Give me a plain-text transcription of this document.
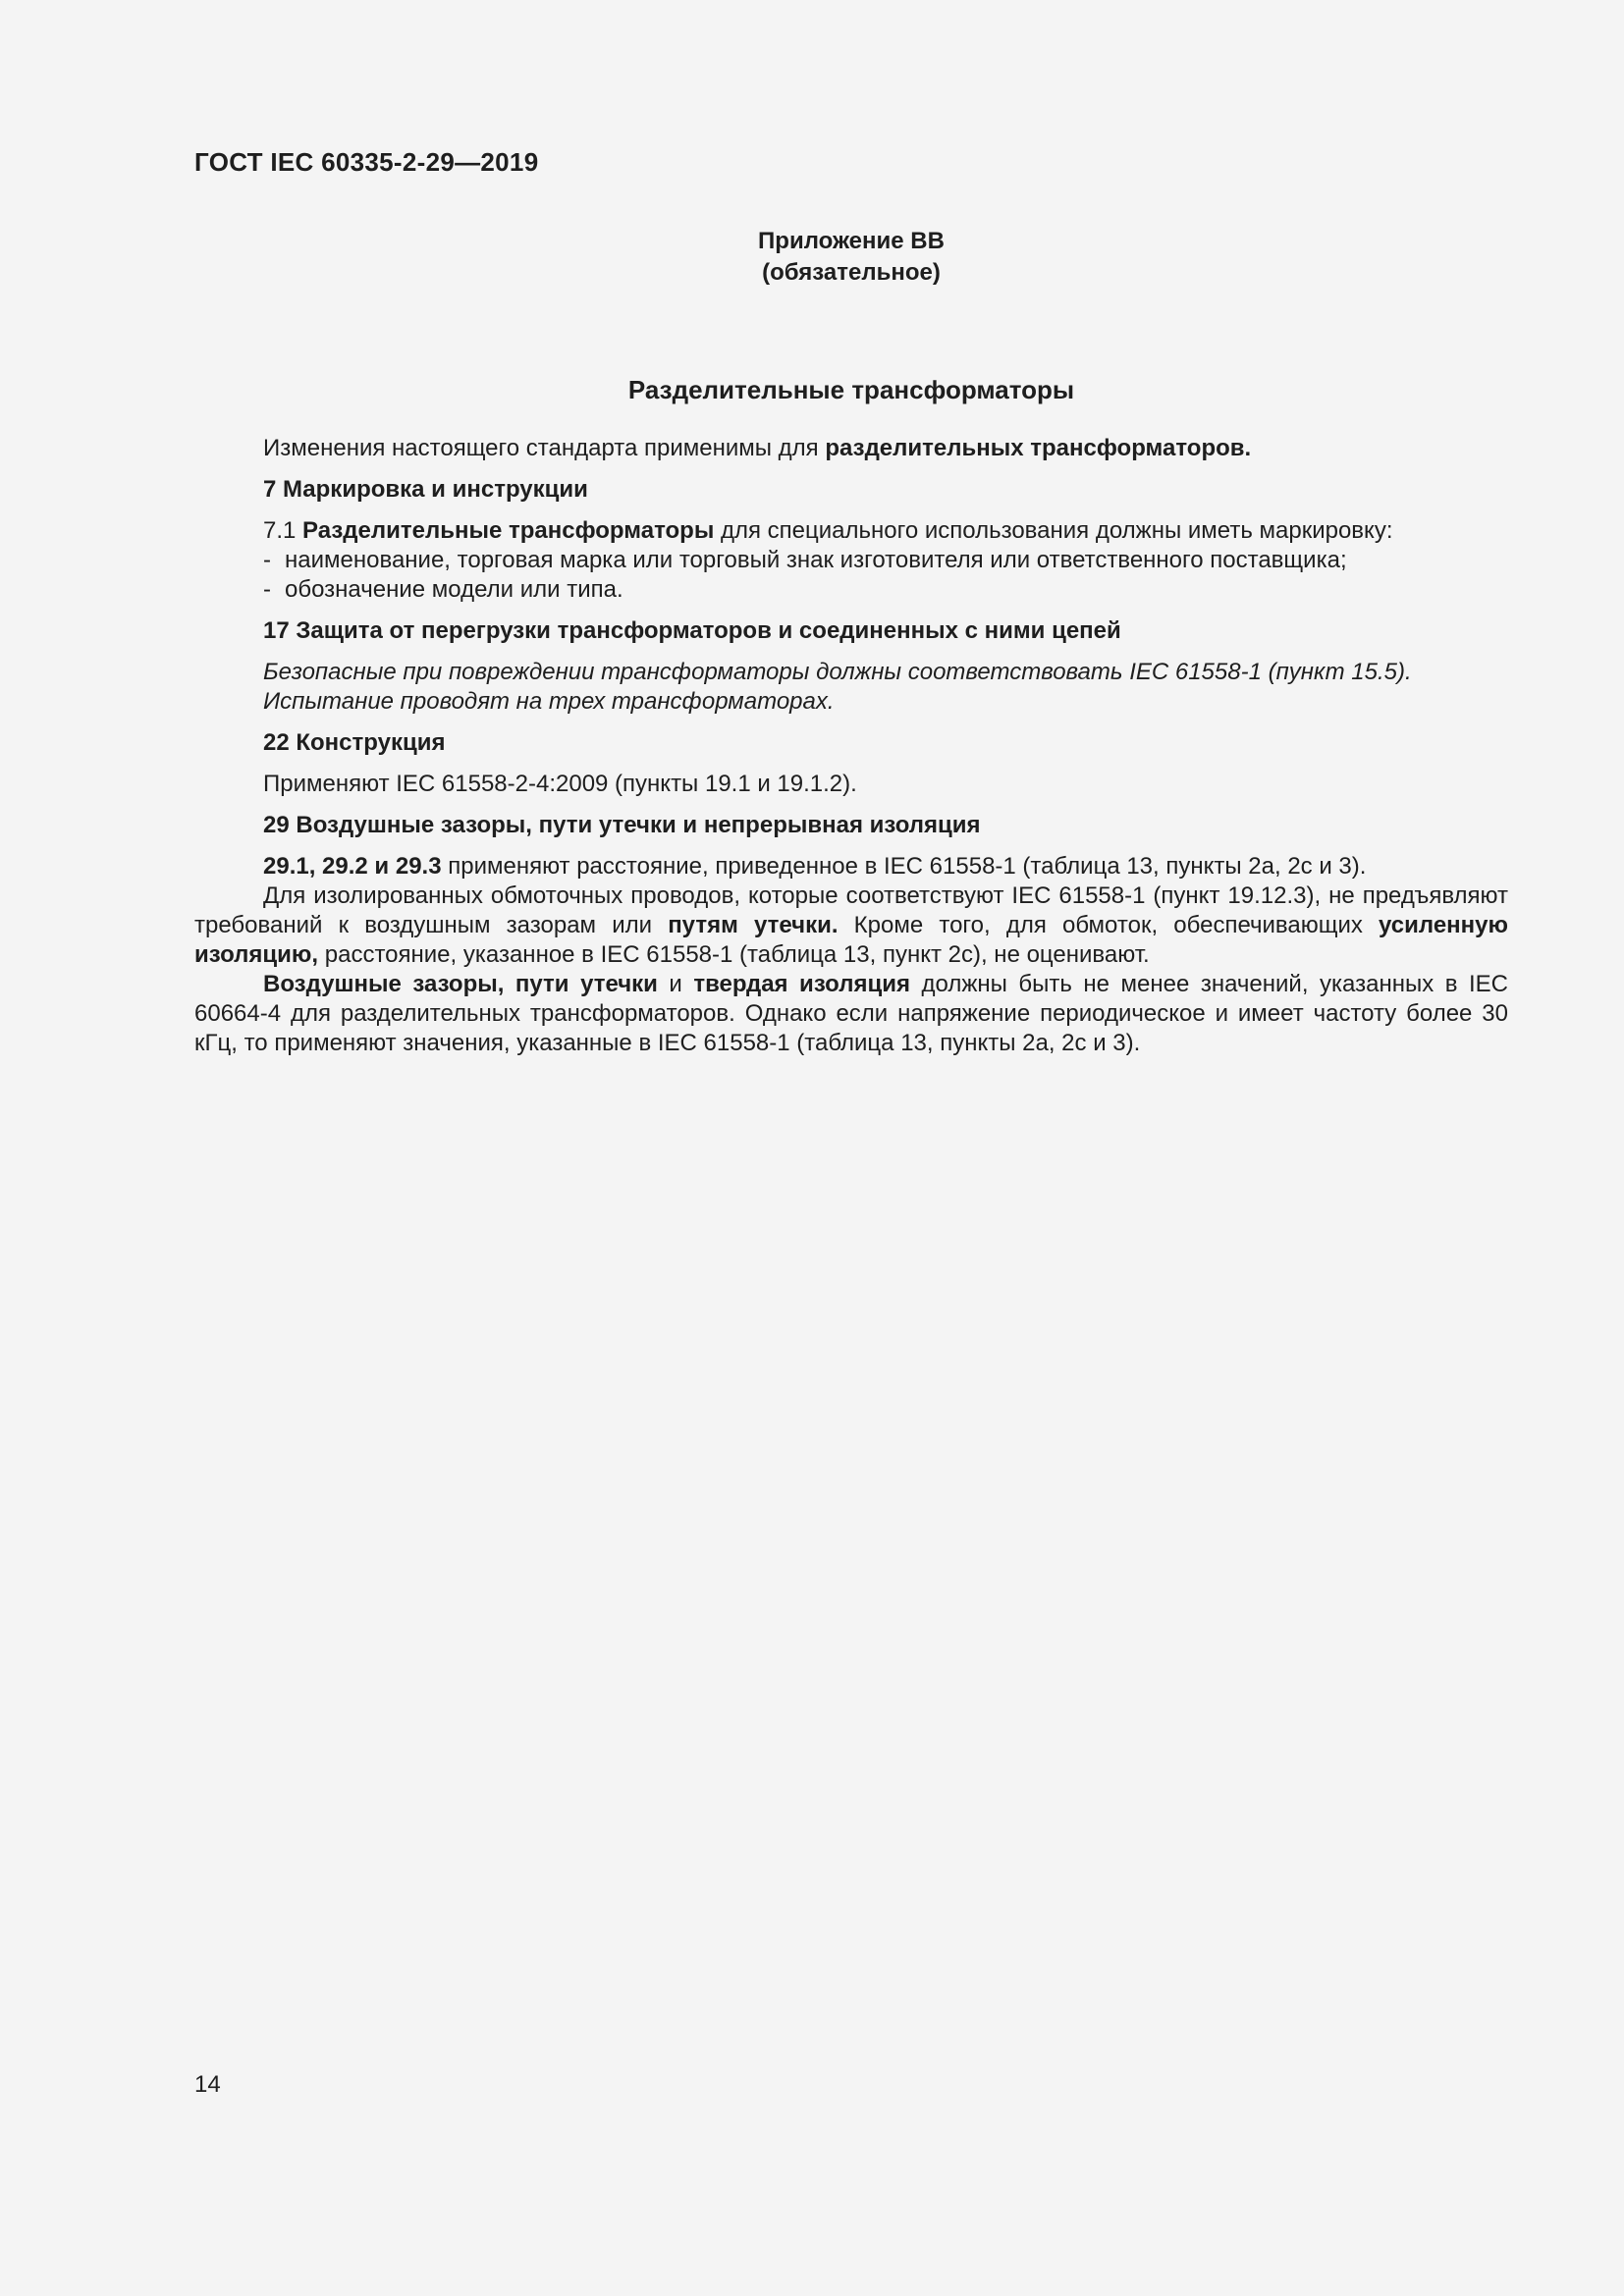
ГОСТ IEC 60335-2-29—2019
Приложение ВВ
(обязательное)
Разделительные трансформаторы

Изменения настоящего стандарта применимы для разделительных трансформаторов.

7 Маркировка и инструкции

7.1 Разделительные трансформаторы для специального использования должны иметь маркировку:

- наименование, торговая марка или торговый знак изготовителя или ответственного поставщика;
- обозначение модели или типа.

17 Защита от перегрузки трансформаторов и соединенных с ними цепей

Безопасные при повреждении трансформаторы должны соответствовать IEC 61558-1 (пункт 15.5).

Испытание проводят на трех трансформаторах.

22 Конструкция

Применяют IEC 61558-2-4:2009 (пункты 19.1 и 19.1.2).

29 Воздушные зазоры, пути утечки и непрерывная изоляция

29.1, 29.2 и 29.3 применяют расстояние, приведенное в IEC 61558-1 (таблица 13, пункты 2а, 2с и 3).

Для изолированных обмоточных проводов, которые соответствуют IEC 61558-1 (пункт 19.12.3), не предъявляют требований к воздушным зазорам или путям утечки. Кроме того, для обмоток, обеспечивающих усиленную изоляцию, расстояние, указанное в IEC 61558-1 (таблица 13, пункт 2с), не оценивают.

Воздушные зазоры, пути утечки и твердая изоляция должны быть не менее значений, указанных в IEC 60664-4 для разделительных трансформаторов. Однако если напряжение периодическое и имеет частоту более 30 кГц, то применяют значения, указанные в IEC 61558-1 (таблица 13, пункты 2а, 2с и 3).

14
